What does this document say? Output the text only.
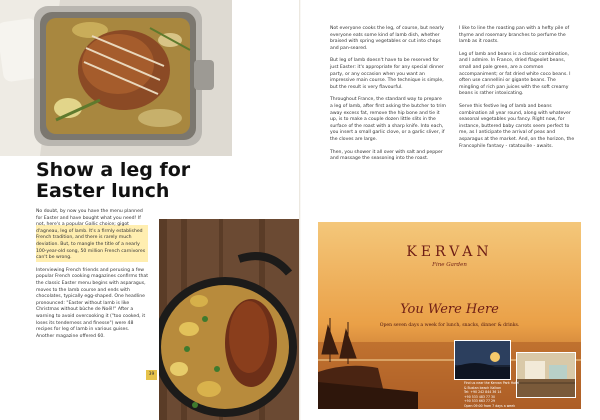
Show a leg for Easter lunch

No doubt, by now you have the menu planned for Easter and have bought what you need! If not, here's a popular Gallic choice; gigot d'agneau, leg of lamb. It's a firmly established French tradition, and there is rarely much deviation. But, to mangle the title of a nearly 100-year-old song, 50 million French carnivores can't be wrong.

Interviewing French friends and perusing a few popular French cooking magazines confirms that the classic Easter menu begins with asparagus, moves to the lamb course and ends with chocolates, typically egg-shaped. One headline pronounced: "Easter without lamb is like Christmas without bûche de Noël!" After a warning to avoid overcooking it ("too cooked, it loses its tenderness and finesse") were 48 recipes for leg of lamb in various guises. Another magazine offered 60.

39

Not everyone cooks the leg, of course, but nearly everyone eats some kind of lamb dish, whether braised with spring vegetables or cut into chops and pan-seared.

But leg of lamb doesn't have to be reserved for just Easter: it's appropriate for any special dinner party, or any occasion when you want an impressive main course. The technique is simple, but the result is very flavourful.

Throughout France, the standard way to prepare a leg of lamb, after first asking the butcher to trim away excess fat, remove the hip bone and tie it up, is to make a couple dozen little slits in the surface of the roast with a sharp knife. Into each, you insert a small garlic clove, or a garlic sliver, if the cloves are large.

Then, you shower it all over with salt and pepper and massage the seasoning into the roast.

I like to line the roasting pan with a hefty pile of thyme and rosemary branches to perfume the lamb as it roasts.

Leg of lamb and beans is a classic combination, and I admire. In France, dried flageolet beans, small and pale green, are a common accompaniment; or fat dried white coco beans. I often use cannellini or gigante beans. The mingling of rich pan juices with the soft creamy beans is rather intoxicating.

Serve this festive leg of lamb and beans combination all year round, along with whatever seasonal vegetables you fancy. Right now, for instance, buttered baby carrots seem perfect to me, as I anticipate the arrival of peas and asparagus at the market. And, on the horizon, the Francophile fantasy - ratatouille - awaits.

KERVAN
Fine Garden
You Were Here
Open seven days a week for lunch, snacks, dinner & drinks.
Find us near the Kervan Park Hotel
& Bustan beach Kalkan
Tel: +90 242 844 36 14
+90 533 483 77 30
+90 533 663 77 29
Open 09:00 from 7 days a week
